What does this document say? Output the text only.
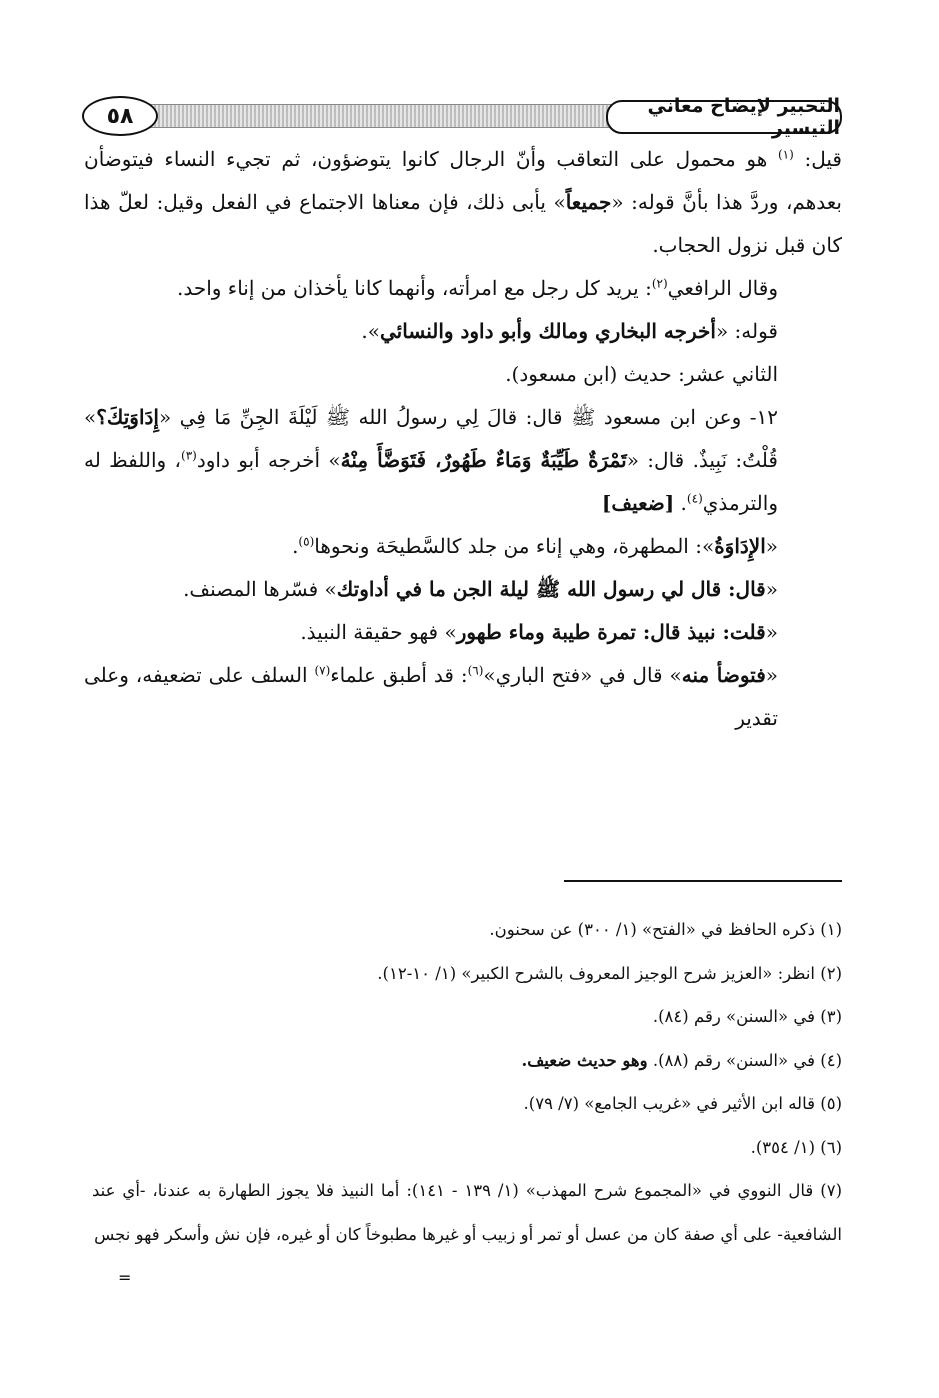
التحبير لإيضاح معاني التيسير
٥٨

قيل: $^{(١)}$ هو محمول على التعاقب وأنّ الرجال كانوا يتوضؤون، ثم تجيء النساء فيتوضأن بعدهم، وردَّ هذا بأنَّ قوله: «جميعاً» يأبى ذلك، فإن معناها الاجتماع في الفعل وقيل: لعلّ هذا كان قبل نزول الحجاب.

وقال الرافعي$^{(٢)}$: يريد كل رجل مع امرأته، وأنهما كانا يأخذان من إناء واحد.

قوله: «أخرجه البخاري ومالك وأبو داود والنسائي».

الثاني عشر: حديث (ابن مسعود).

١٢- وعن ابن مسعود ﷺ قال: قالَ لِي رسولُ الله ﷺ لَيْلَةَ الجِنِّ مَا فِي «إِدَاوَتِكَ؟» قُلْتُ: نَبِيذٌ. قال: «تَمْرَةٌ طَيِّبَةٌ وَمَاءٌ طَهُورٌ، فَتَوَضَّأَ مِنْهُ» أخرجه أبو داود$^{(٣)}$، واللفظ له والترمذي$^{(٤)}$. [ضعيف]

«الإِدَاوَةُ»: المطهرة، وهي إناء من جلد كالسَّطيحَة ونحوها$^{(٥)}$.

«قال: قال لي رسول الله ﷺ ليلة الجن ما في أداوتك» فسّرها المصنف.

«قلت: نبيذ قال: تمرة طيبة وماء طهور» فهو حقيقة النبيذ.

«فتوضأ منه» قال في «فتح الباري»$^{(٦)}$: قد أطبق علماء$^{(٧)}$ السلف على تضعيفه، وعلى تقدير

(١) ذكره الحافظ في «الفتح» (١/ ٣٠٠) عن سحنون.

(٢) انظر: «العزيز شرح الوجيز المعروف بالشرح الكبير» (١/ ١٠-١٢).

(٣) في «السنن» رقم (٨٤).

(٤) في «السنن» رقم (٨٨). وهو حديث ضعيف.

(٥) قاله ابن الأثير في «غريب الجامع» (٧/ ٧٩).

(٦) (١/ ٣٥٤).

(٧) قال النووي في «المجموع شرح المهذب» (١/ ١٣٩ - ١٤١): أما النبيذ فلا يجوز الطهارة به عندنا، -أي عند الشافعية- على أي صفة كان من عسل أو تمر أو زبيب أو غيرها مطبوخاً كان أو غيره، فإن نش وأسكر فهو نجس

=
